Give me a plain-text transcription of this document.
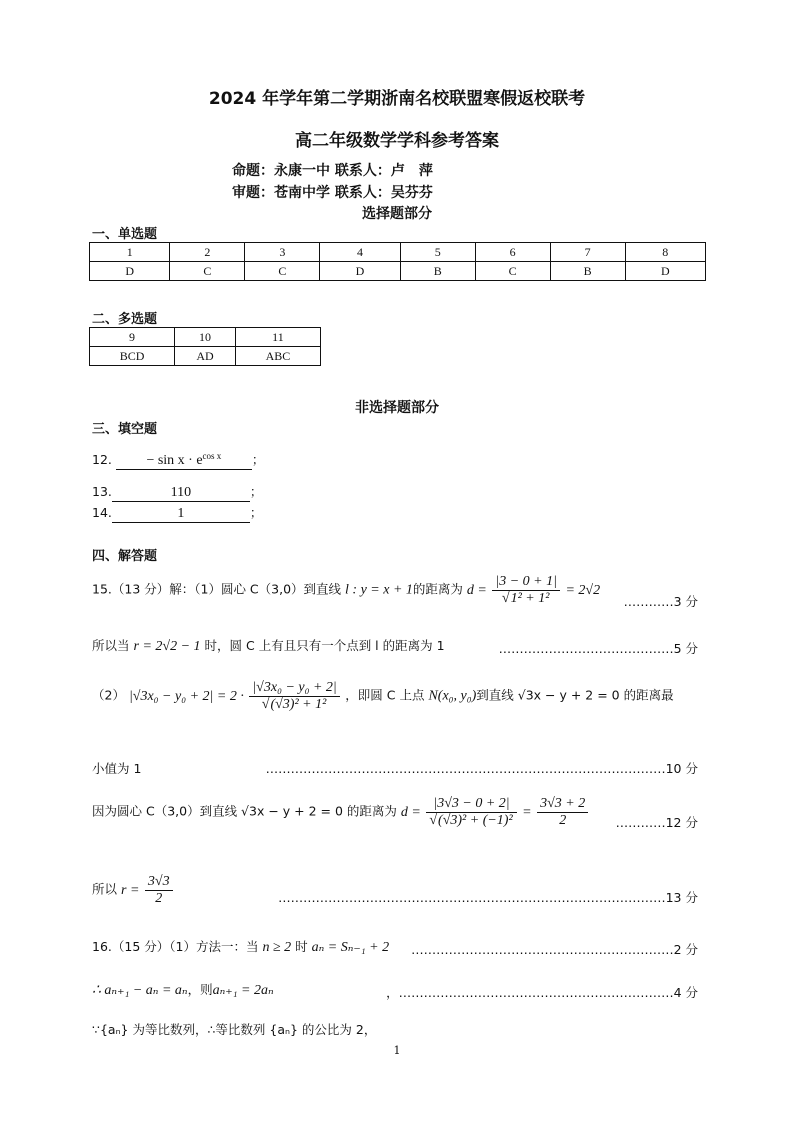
2024 年学年第二学期浙南名校联盟寒假返校联考
高二年级数学学科参考答案
命题：永康一中 联系人：卢　萍
审题：苍南中学 联系人：吴芬芬
选择题部分
一、单选题
1	2	3	4	5	6	7	8
D	C	C	D	B	C	B	D
二、多选题
9	10	11
BCD	AD	ABC
非选择题部分
三、填空题
12. − $\sin x \cdot e^{cos x}$ ；
13.	110	；
14.	1	；
四、解答题
15.（13 分）解：（1）圆心 C（3,0）到直线 l : y = x + 1的距离为 $d = \frac{|3 - 0 + 1|}{\text{√1² + 1²}} = 2√2$
…………3 分
所以当 r = 2√2 − 1 时，圆 C 上有且只有一个点到 l 的距离为 1	……………………………………5 分
（2） $|√3x_0 - y_0 + 2| = 2 \cdot \frac{\text{|√3x₀ − y₀ + 2|}}{\text{√(√3)² + 1²}}$ ，即圆 C 上点 N(x₀, y₀)到直线 √3x − y + 2 = 0 的距离最
小值为 1	……………………………………………………………………………………10 分
因为圆心 C（3,0）到直线 √3x − y + 2 = 0 的距离为 $d = \frac{|3√3 - 0 + 2|}{\text{√(√3)² + (−1)²}} = \frac{3√3 + 2}{2}$ …………12 分
所以 $r = \frac{3√3}{2}$	…………………………………………………………………………………13 分
16.（15 分）（1）方法一：当 n ≥ 2 时 aₙ = Sₙ₋₁ + 2 ………………………………………………………2 分
∴ aₙ₊₁ − aₙ = aₙ，则aₙ₊₁ = 2aₙ	，…………………………………………………………4 分
∵{aₙ} 为等比数列，∴等比数列 {aₙ} 的公比为 2，
1
